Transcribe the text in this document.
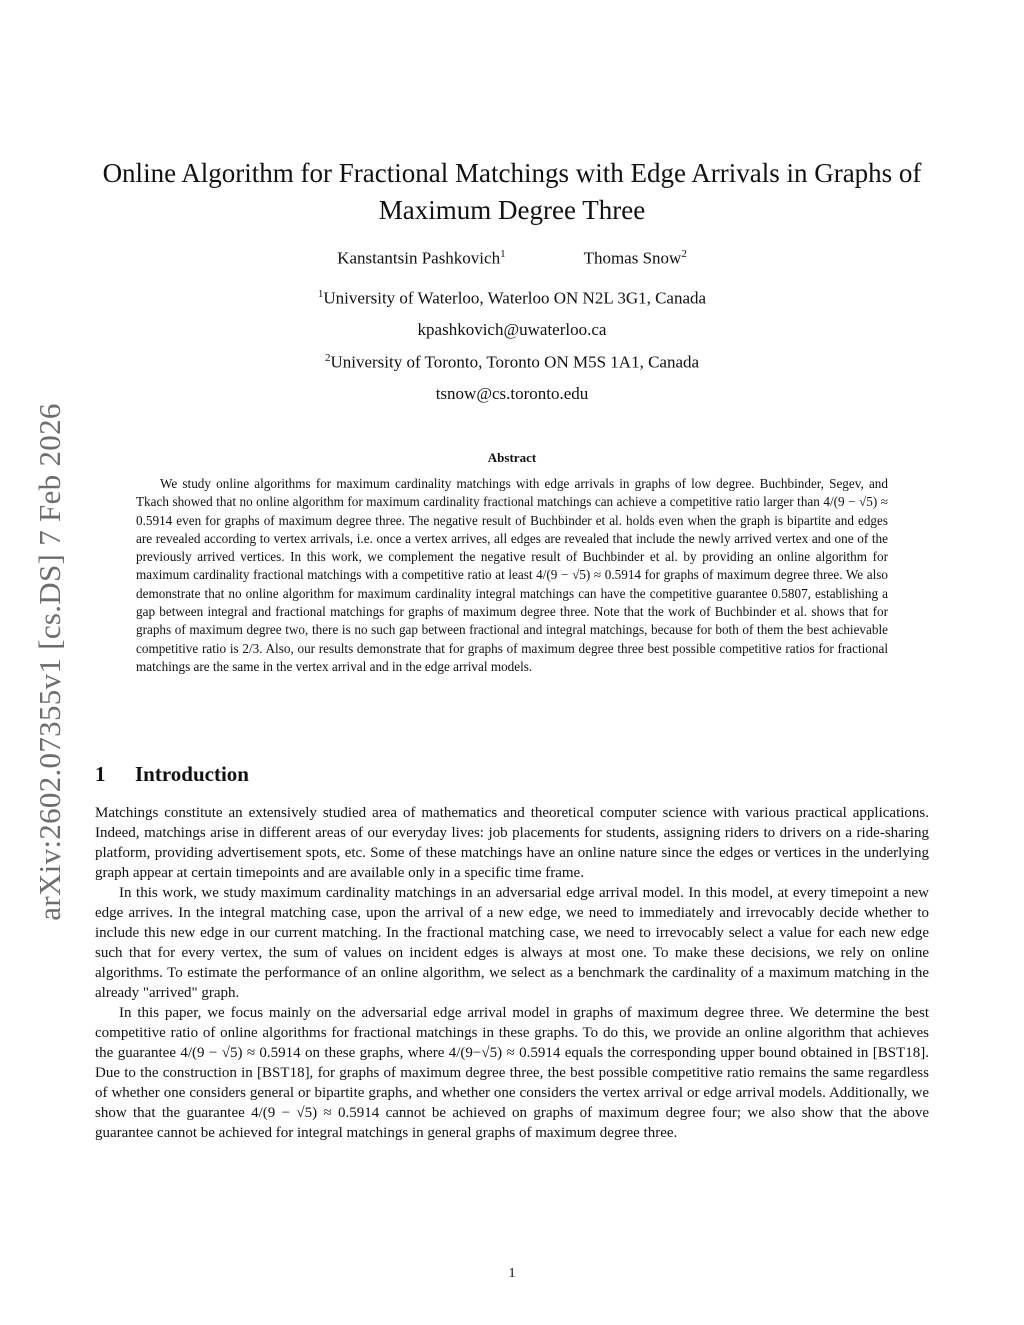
arXiv:2602.07355v1 [cs.DS] 7 Feb 2026
Online Algorithm for Fractional Matchings with Edge Arrivals in Graphs of Maximum Degree Three
Kanstantsin Pashkovich$^1$	Thomas Snow$^2$
$^1$University of Waterloo, Waterloo ON N2L 3G1, Canada
kpashkovich@uwaterloo.ca
$^2$University of Toronto, Toronto ON M5S 1A1, Canada
tsnow@cs.toronto.edu
Abstract

We study online algorithms for maximum cardinality matchings with edge arrivals in graphs of low degree. Buchbinder, Segev, and Tkach showed that no online algorithm for maximum cardinality fractional matchings can achieve a competitive ratio larger than 4/(9 − √5) ≈ 0.5914 even for graphs of maximum degree three. The negative result of Buchbinder et al. holds even when the graph is bipartite and edges are revealed according to vertex arrivals, i.e. once a vertex arrives, all edges are revealed that include the newly arrived vertex and one of the previously arrived vertices. In this work, we complement the negative result of Buchbinder et al. by providing an online algorithm for maximum cardinality fractional matchings with a competitive ratio at least 4/(9 − √5) ≈ 0.5914 for graphs of maximum degree three. We also demonstrate that no online algorithm for maximum cardinality integral matchings can have the competitive guarantee 0.5807, establishing a gap between integral and fractional matchings for graphs of maximum degree three. Note that the work of Buchbinder et al. shows that for graphs of maximum degree two, there is no such gap between fractional and integral matchings, because for both of them the best achievable competitive ratio is 2/3. Also, our results demonstrate that for graphs of maximum degree three best possible competitive ratios for fractional matchings are the same in the vertex arrival and in the edge arrival models.

1 Introduction

Matchings constitute an extensively studied area of mathematics and theoretical computer science with various practical applications. Indeed, matchings arise in different areas of our everyday lives: job placements for students, assigning riders to drivers on a ride-sharing platform, providing advertisement spots, etc. Some of these matchings have an online nature since the edges or vertices in the underlying graph appear at certain timepoints and are available only in a specific time frame.

In this work, we study maximum cardinality matchings in an adversarial edge arrival model. In this model, at every timepoint a new edge arrives. In the integral matching case, upon the arrival of a new edge, we need to immediately and irrevocably decide whether to include this new edge in our current matching. In the fractional matching case, we need to irrevocably select a value for each new edge such that for every vertex, the sum of values on incident edges is always at most one. To make these decisions, we rely on online algorithms. To estimate the performance of an online algorithm, we select as a benchmark the cardinality of a maximum matching in the already "arrived" graph.

In this paper, we focus mainly on the adversarial edge arrival model in graphs of maximum degree three. We determine the best competitive ratio of online algorithms for fractional matchings in these graphs. To do this, we provide an online algorithm that achieves the guarantee 4/(9 − √5) ≈ 0.5914 on these graphs, where 4/(9−√5) ≈ 0.5914 equals the corresponding upper bound obtained in [BST18]. Due to the construction in [BST18], for graphs of maximum degree three, the best possible competitive ratio remains the same regardless of whether one considers general or bipartite graphs, and whether one considers the vertex arrival or edge arrival models. Additionally, we show that the guarantee 4/(9 − √5) ≈ 0.5914 cannot be achieved on graphs of maximum degree four; we also show that the above guarantee cannot be achieved for integral matchings in general graphs of maximum degree three.

1
